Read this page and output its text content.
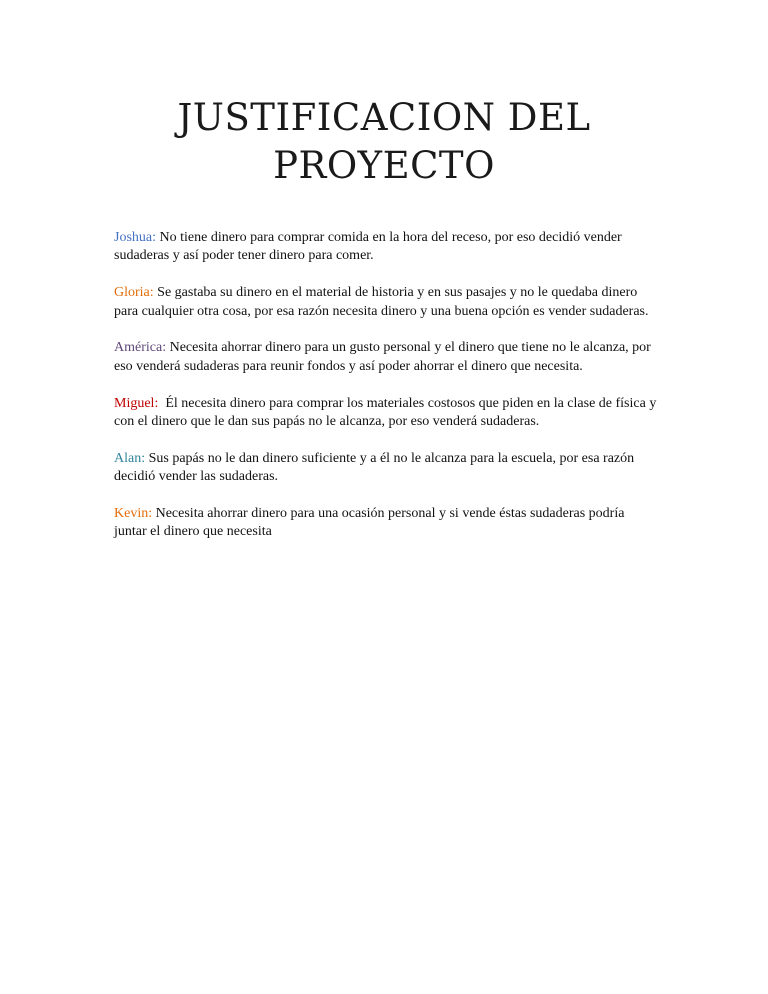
JUSTIFICACION DEL
PROYECTO

Joshua: No tiene dinero para comprar comida en la hora del receso, por eso decidió vender sudaderas y así poder tener dinero para comer.

Gloria: Se gastaba su dinero en el material de historia y en sus pasajes y no le quedaba dinero para cualquier otra cosa, por esa razón necesita dinero y una buena opción es vender sudaderas.

América: Necesita ahorrar dinero para un gusto personal y el dinero que tiene no le alcanza, por eso venderá sudaderas para reunir fondos y así poder ahorrar el dinero que necesita.

Miguel:  Él necesita dinero para comprar los materiales costosos que piden en la clase de física y con el dinero que le dan sus papás no le alcanza, por eso venderá sudaderas.

Alan: Sus papás no le dan dinero suficiente y a él no le alcanza para la escuela, por esa razón decidió vender las sudaderas.

Kevin: Necesita ahorrar dinero para una ocasión personal y si vende éstas sudaderas podría juntar el dinero que necesita
